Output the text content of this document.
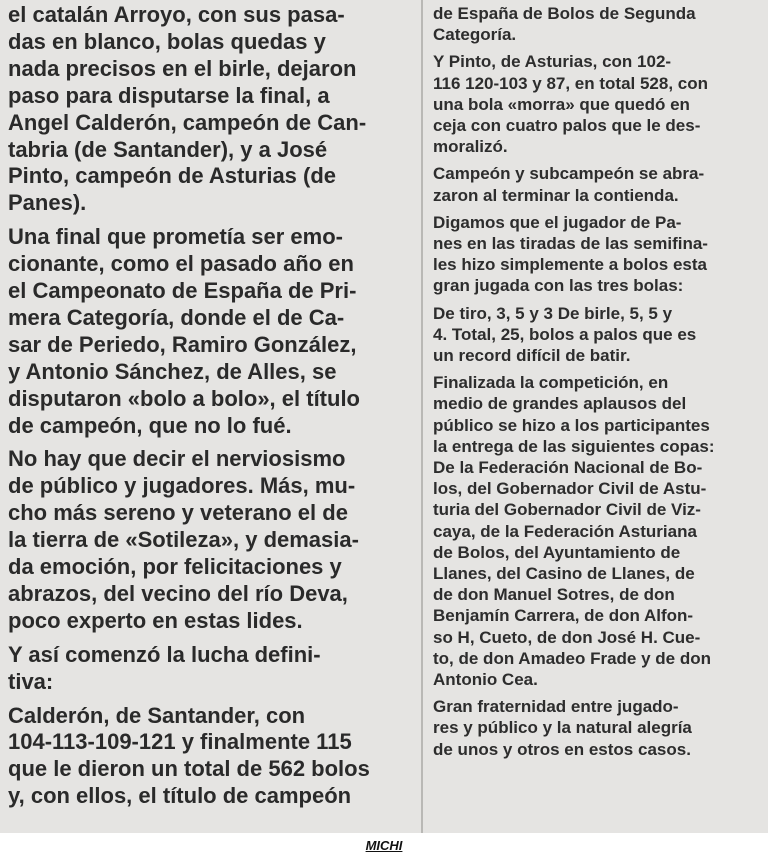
el catalán Arroyo, con sus pasa-
das en blanco, bolas quedas y
nada precisos en el birle, dejaron
paso para disputarse la final, a
Angel Calderón, campeón de Can-
tabria (de Santander), y a José
Pinto, campeón de Asturias (de
Panes).
Una final que prometía ser emo-
cionante, como el pasado año en
el Campeonato de España de Pri-
mera Categoría, donde el de Ca-
sar de Periedo, Ramiro González,
y Antonio Sánchez, de Alles, se
disputaron «bolo a bolo», el título
de campeón, que no lo fué.
No hay que decir el nerviosismo
de público y jugadores. Más, mu-
cho más sereno y veterano el de
la tierra de «Sotileza», y demasia-
da emoción, por felicitaciones y
abrazos, del vecino del río Deva,
poco experto en estas lides.
Y así comenzó la lucha defini-
tiva:
Calderón, de Santander, con
104-113-109-121 y finalmente 115
que le dieron un total de 562 bolos
y, con ellos, el título de campeón
de España de Bolos de Segunda
Categoría.
Y Pinto, de Asturias, con 102-
116 120-103 y 87, en total 528, con
una bola «morra» que quedó en
ceja con cuatro palos que le des-
moralizó.
Campeón y subcampeón se abra-
zaron al terminar la contienda.
Digamos que el jugador de Pa-
nes en las tiradas de las semifina-
les hizo simplemente a bolos esta
gran jugada con las tres bolas:
De tiro, 3, 5 y 3 De birle, 5, 5 y
4. Total, 25, bolos a palos que es
un record difícil de batir.
Finalizada la competición, en
medio de grandes aplausos del
público se hizo a los participantes
la entrega de las siguientes copas:
De la Federación Nacional de Bo-
los, del Gobernador Civil de Astu-
turia del Gobernador Civil de Viz-
caya, de la Federación Asturiana
de Bolos, del Ayuntamiento de
Llanes, del Casino de Llanes, de
de don Manuel Sotres, de don
Benjamín Carrera, de don Alfon-
so H, Cueto, de don José H. Cue-
to, de don Amadeo Frade y de don
Antonio Cea.
Gran fraternidad entre jugado-
res y público y la natural alegría
de unos y otros en estos casos.
MICHI
